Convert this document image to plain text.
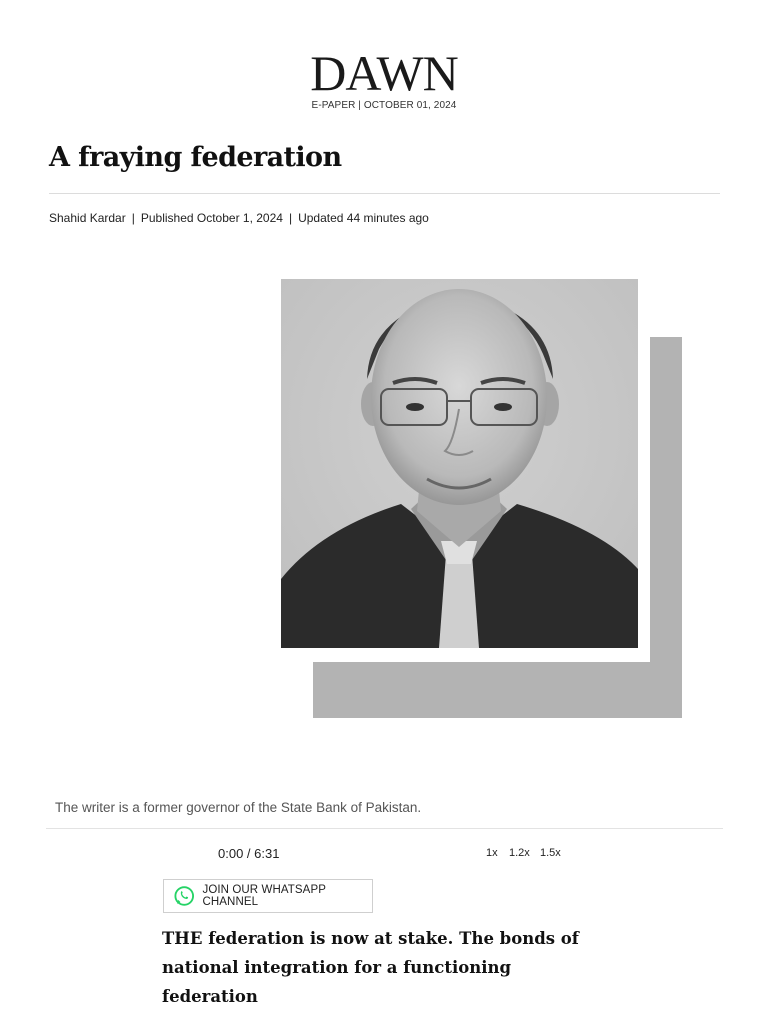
DAWN
E-PAPER | OCTOBER 01, 2024
A fraying federation
Shahid Kardar | Published October 1, 2024 | Updated 44 minutes ago
The writer is a former governor of the State Bank of Pakistan.
0:00 / 6:31	1x 1.2x 1.5x
JOIN OUR WHATSAPP CHANNEL

THE federation is now at stake. The bonds of
national integration for a functioning federation
